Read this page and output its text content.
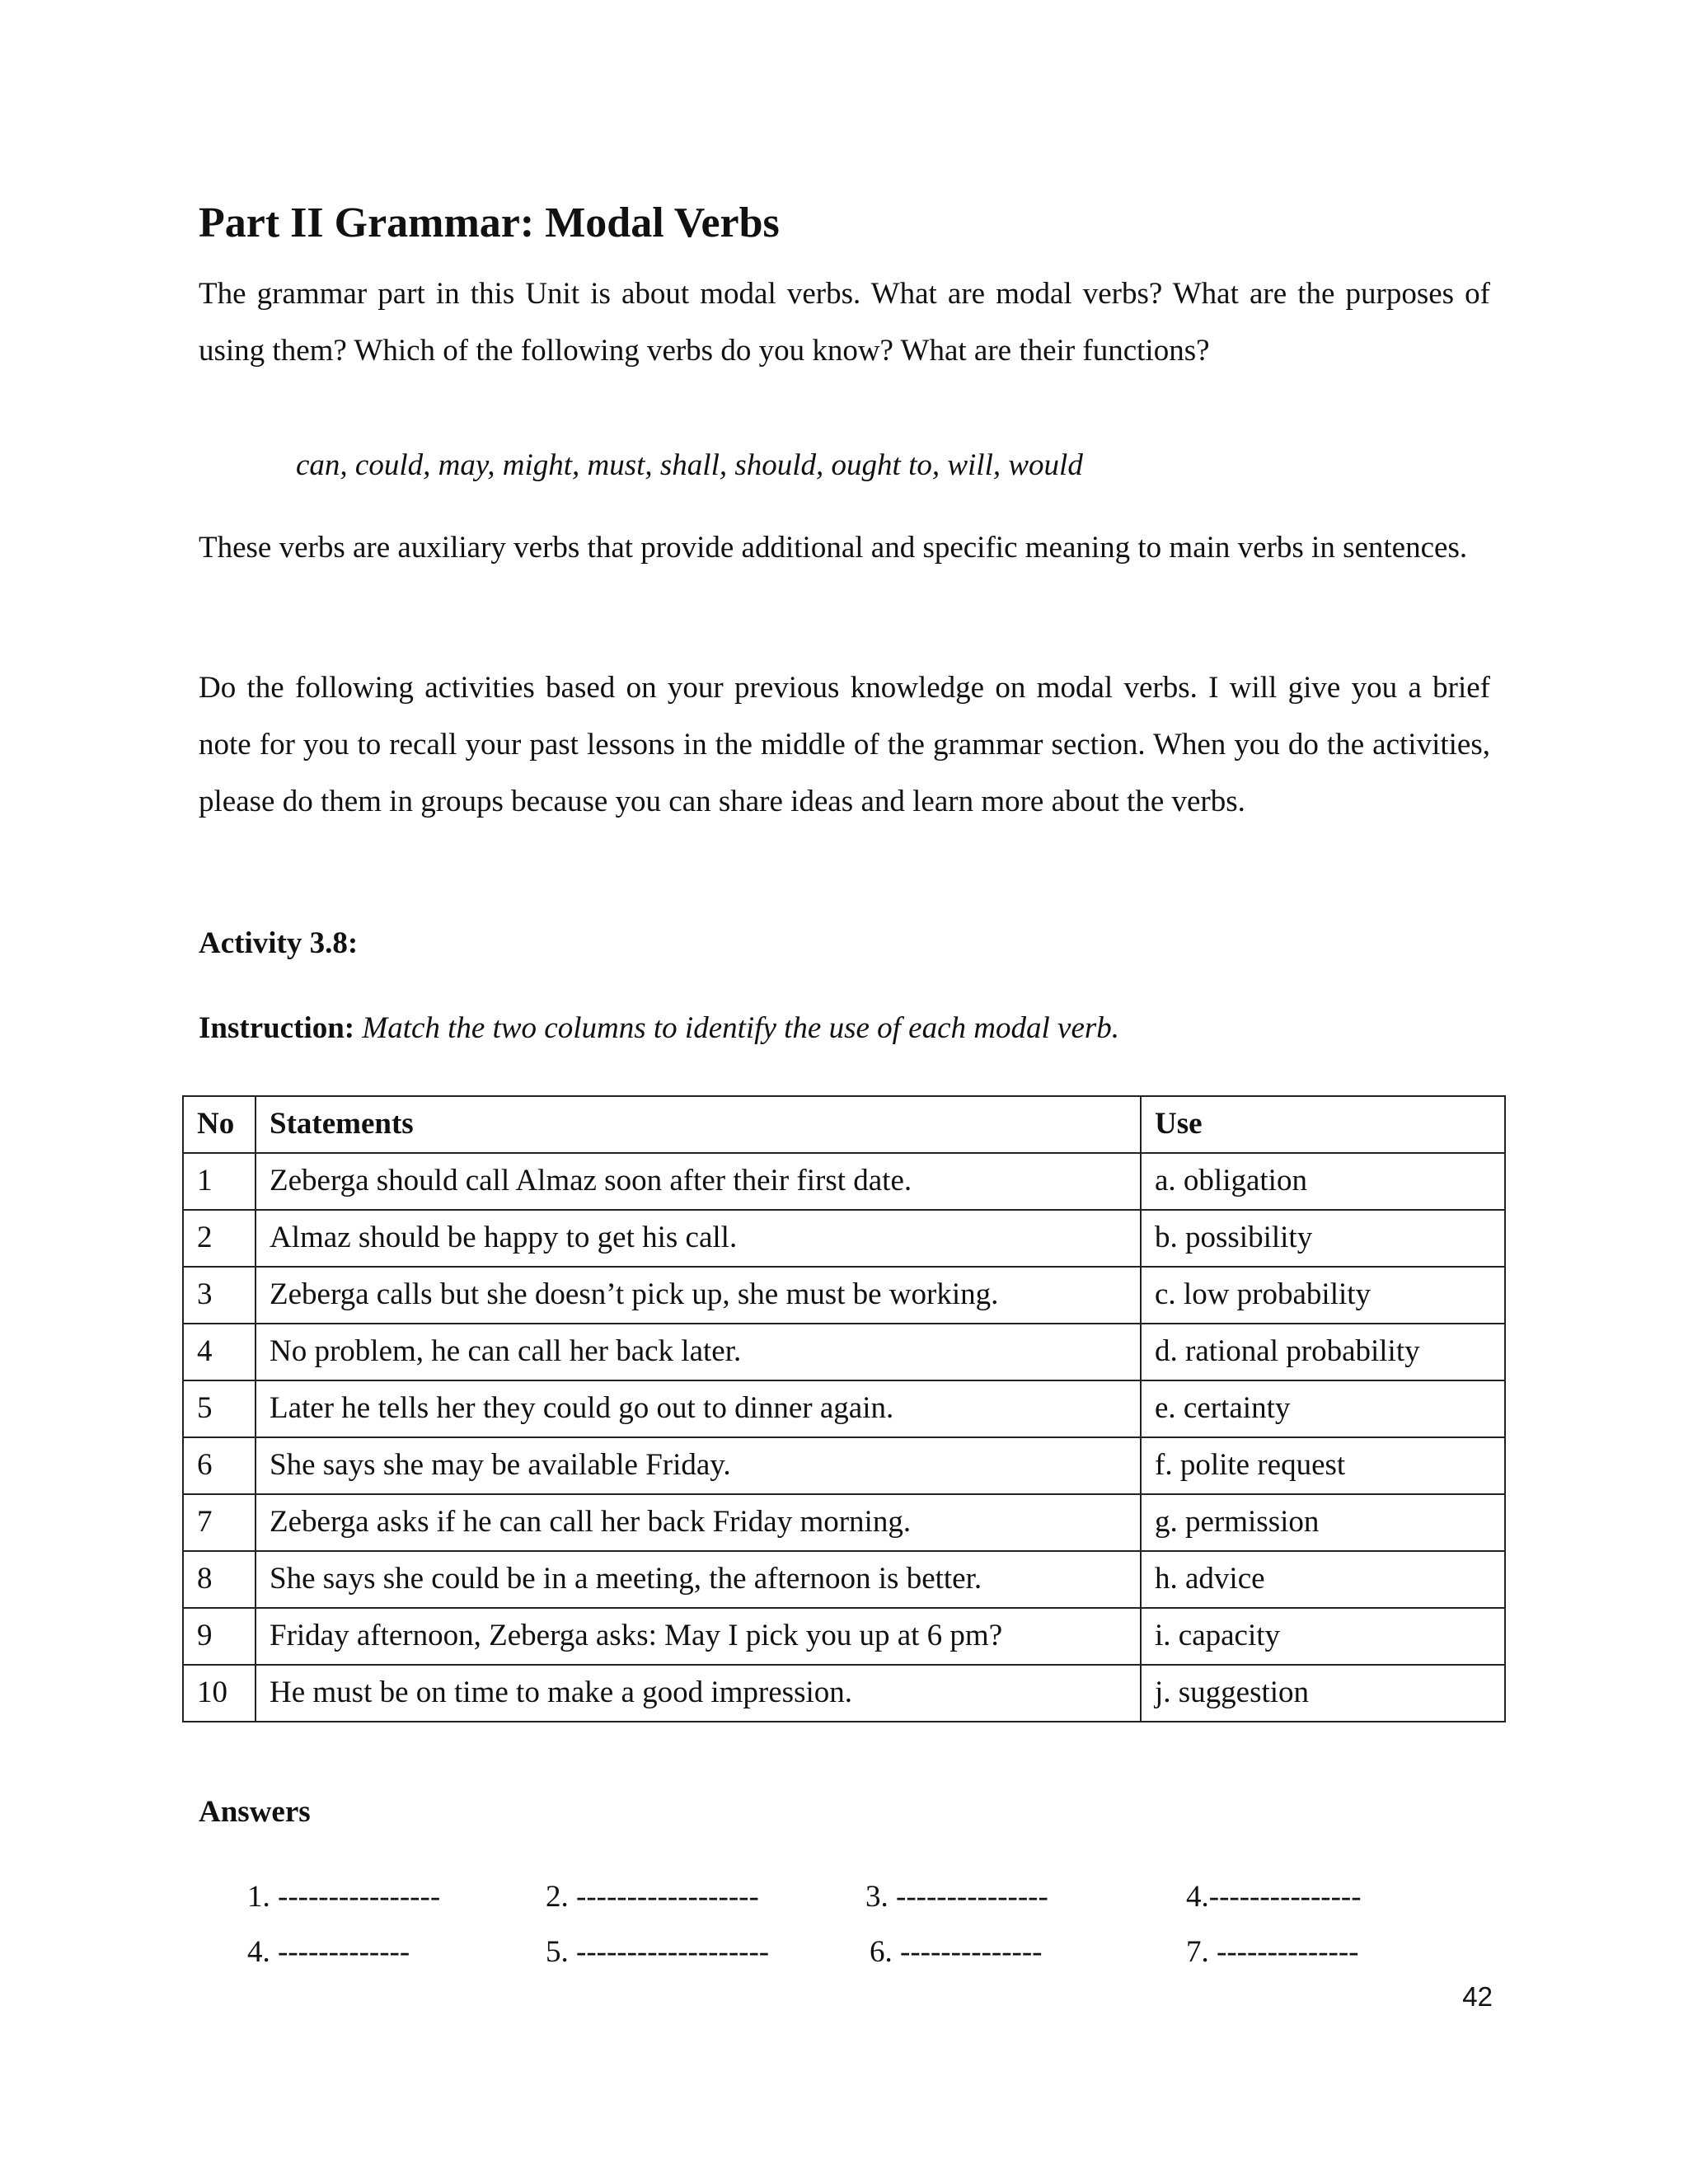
Part II Grammar: Modal Verbs

The grammar part in this Unit is about modal verbs. What are modal verbs? What are the purposes of using them? Which of the following verbs do you know? What are their functions?

can, could, may, might, must, shall, should, ought to, will, would

These verbs are auxiliary verbs that provide additional and specific meaning to main verbs in sentences.

Do the following activities based on your previous knowledge on modal verbs. I will give you a brief note for you to recall your past lessons in the middle of the grammar section. When you do the activities, please do them in groups because you can share ideas and learn more about the verbs.

Activity 3.8:

Instruction: Match the two columns to identify the use of each modal verb.

No	Statements	Use
1	Zeberga should call Almaz soon after their first date.	a. obligation
2	Almaz should be happy to get his call.	b. possibility
3	Zeberga calls but she doesn’t pick up, she must be working.	c. low probability
4	No problem, he can call her back later.	d. rational probability
5	Later he tells her they could go out to dinner again.	e. certainty
6	She says she may be available Friday.	f. polite request
7	Zeberga asks if he can call her back Friday morning.	g. permission
8	She says she could be in a meeting, the afternoon is better.	h. advice
9	Friday afternoon, Zeberga asks: May I pick you up at 6 pm?	i. capacity
10	He must be on time to make a good impression.	j. suggestion

Answers

1. ----------------	2. ------------------	3. ---------------	4.---------------
4. -------------	5. -------------------	6. --------------	7. --------------
42
